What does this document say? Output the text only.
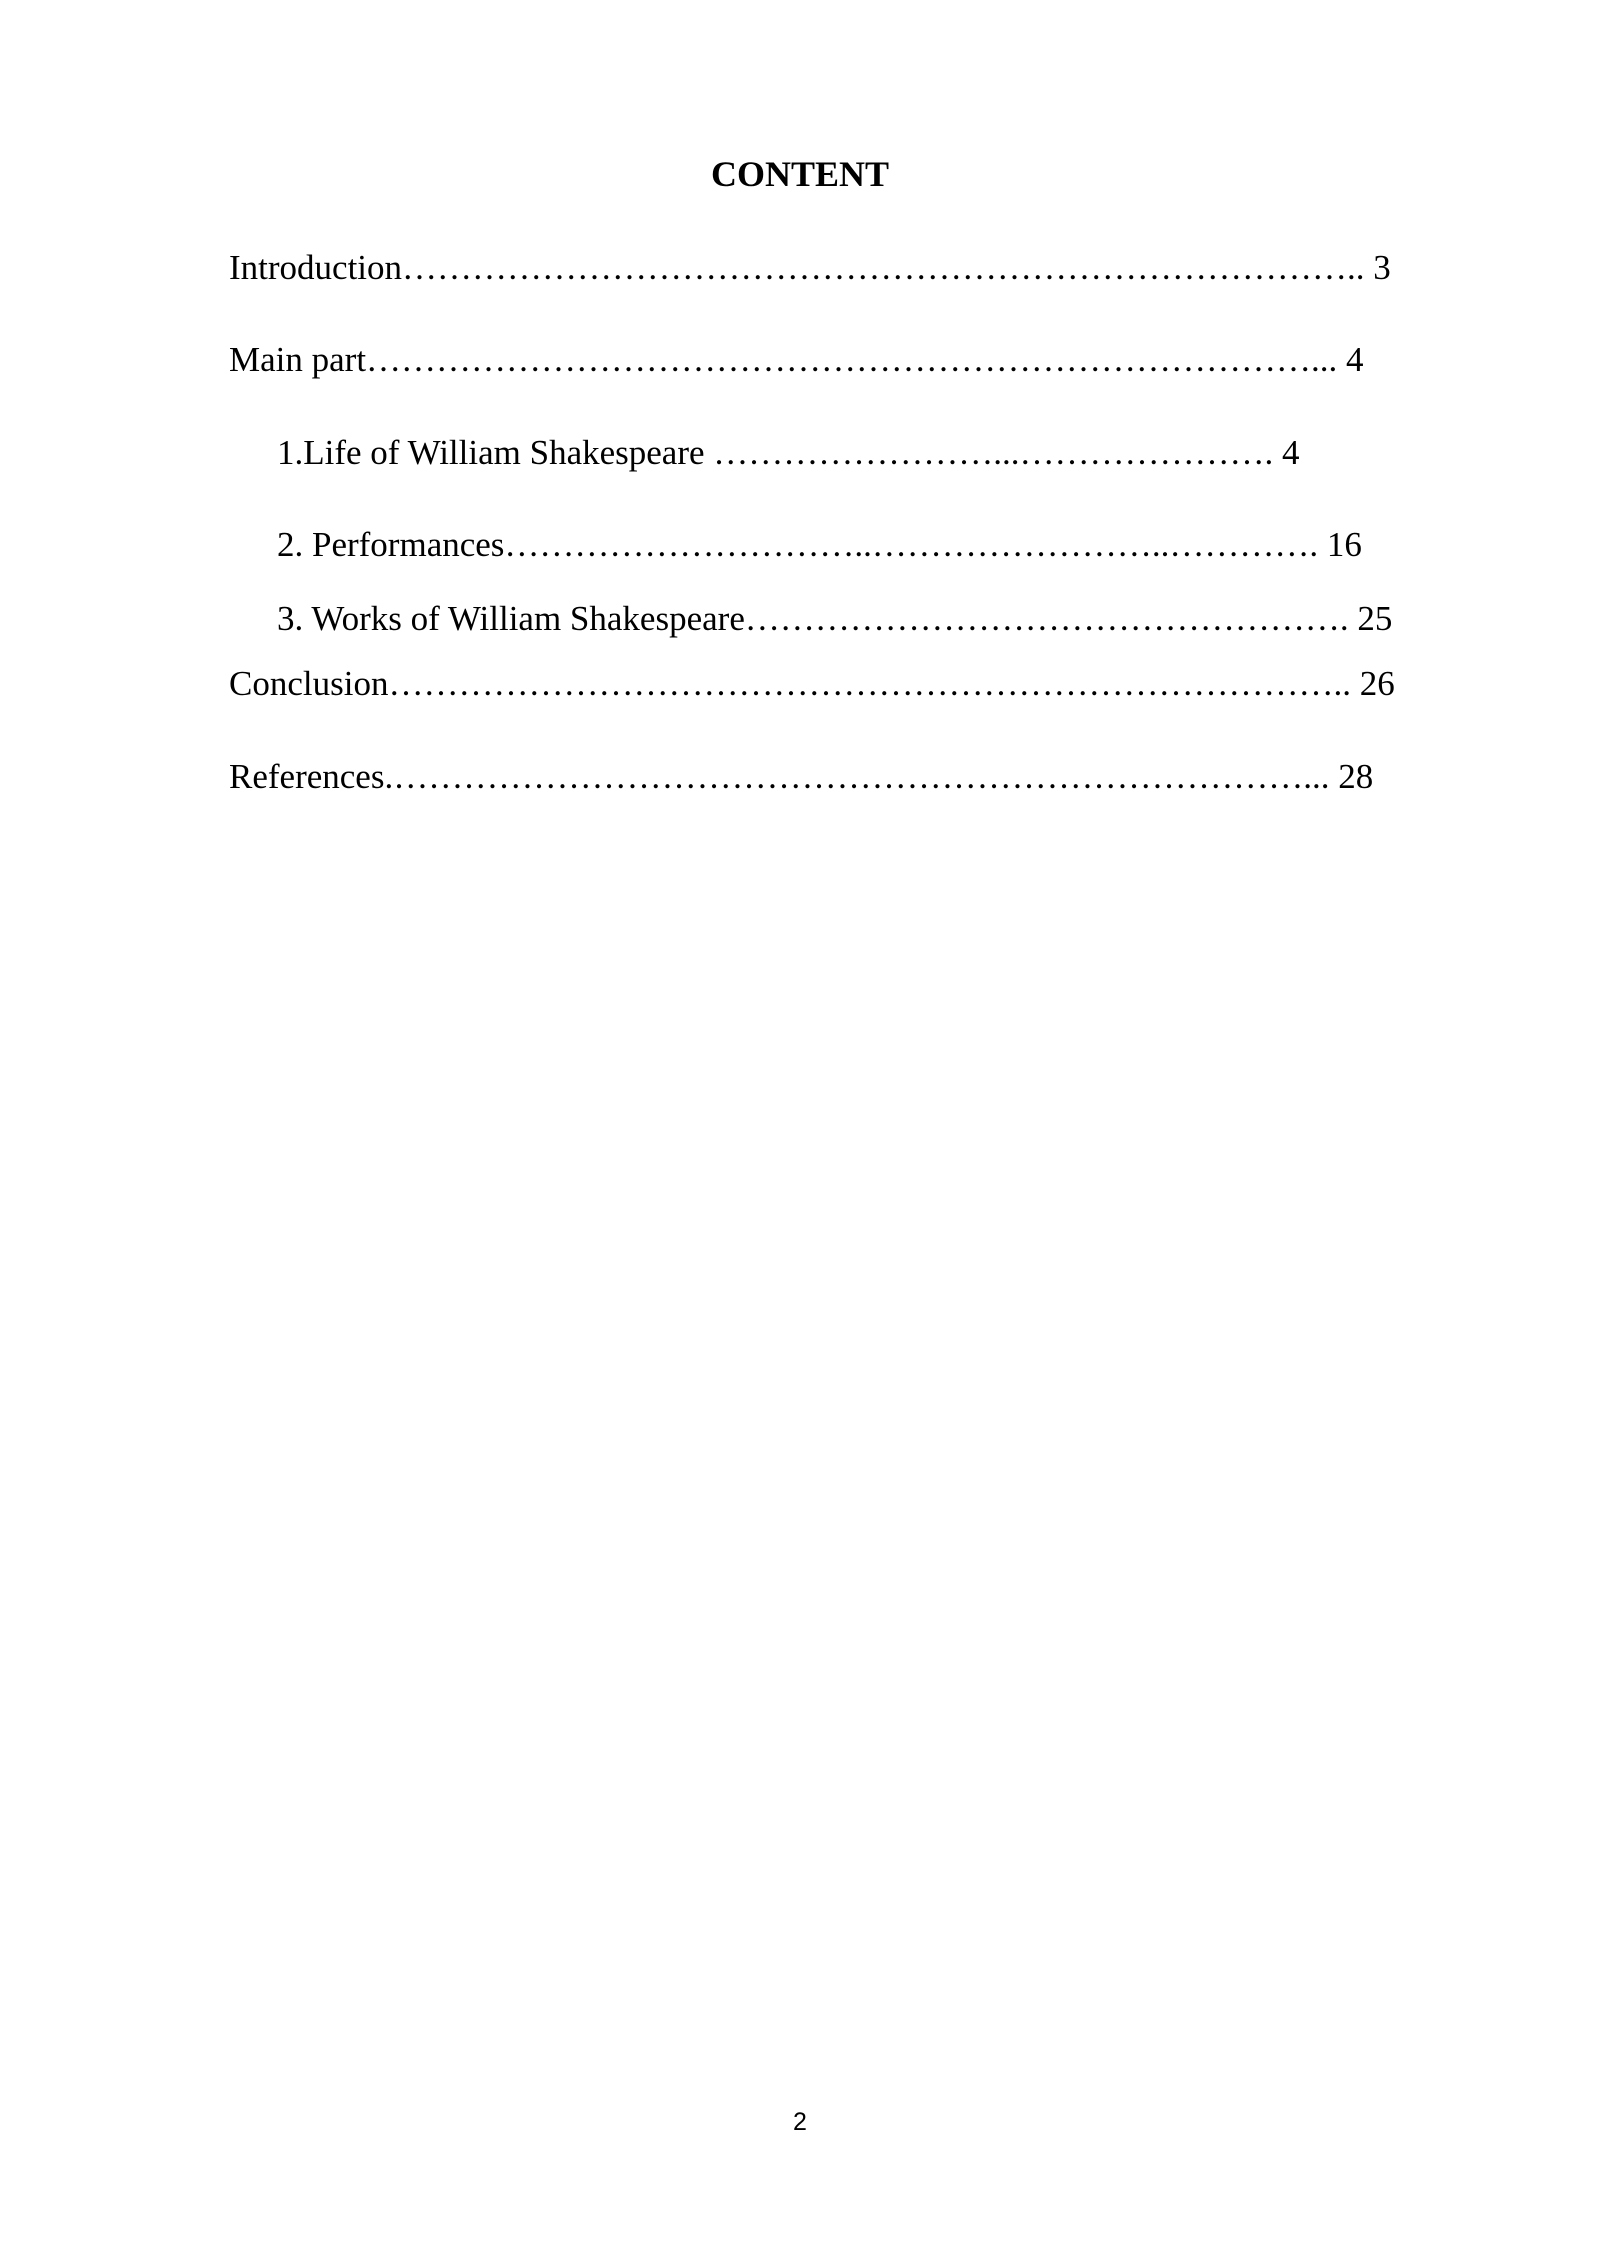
CONTENT
Introduction……………………………………………………………………….. 3
Main part………………………………………………………………………... 4
1.Life of William Shakespeare ……………………...…………………. 4
2. Performances…………………………..……………………..…………. 16
3. Works of William Shakespeare……………………………………………. 25
Conclusion……………………………………………………………………….. 26
References.……………………………………………………………………... 28
2
